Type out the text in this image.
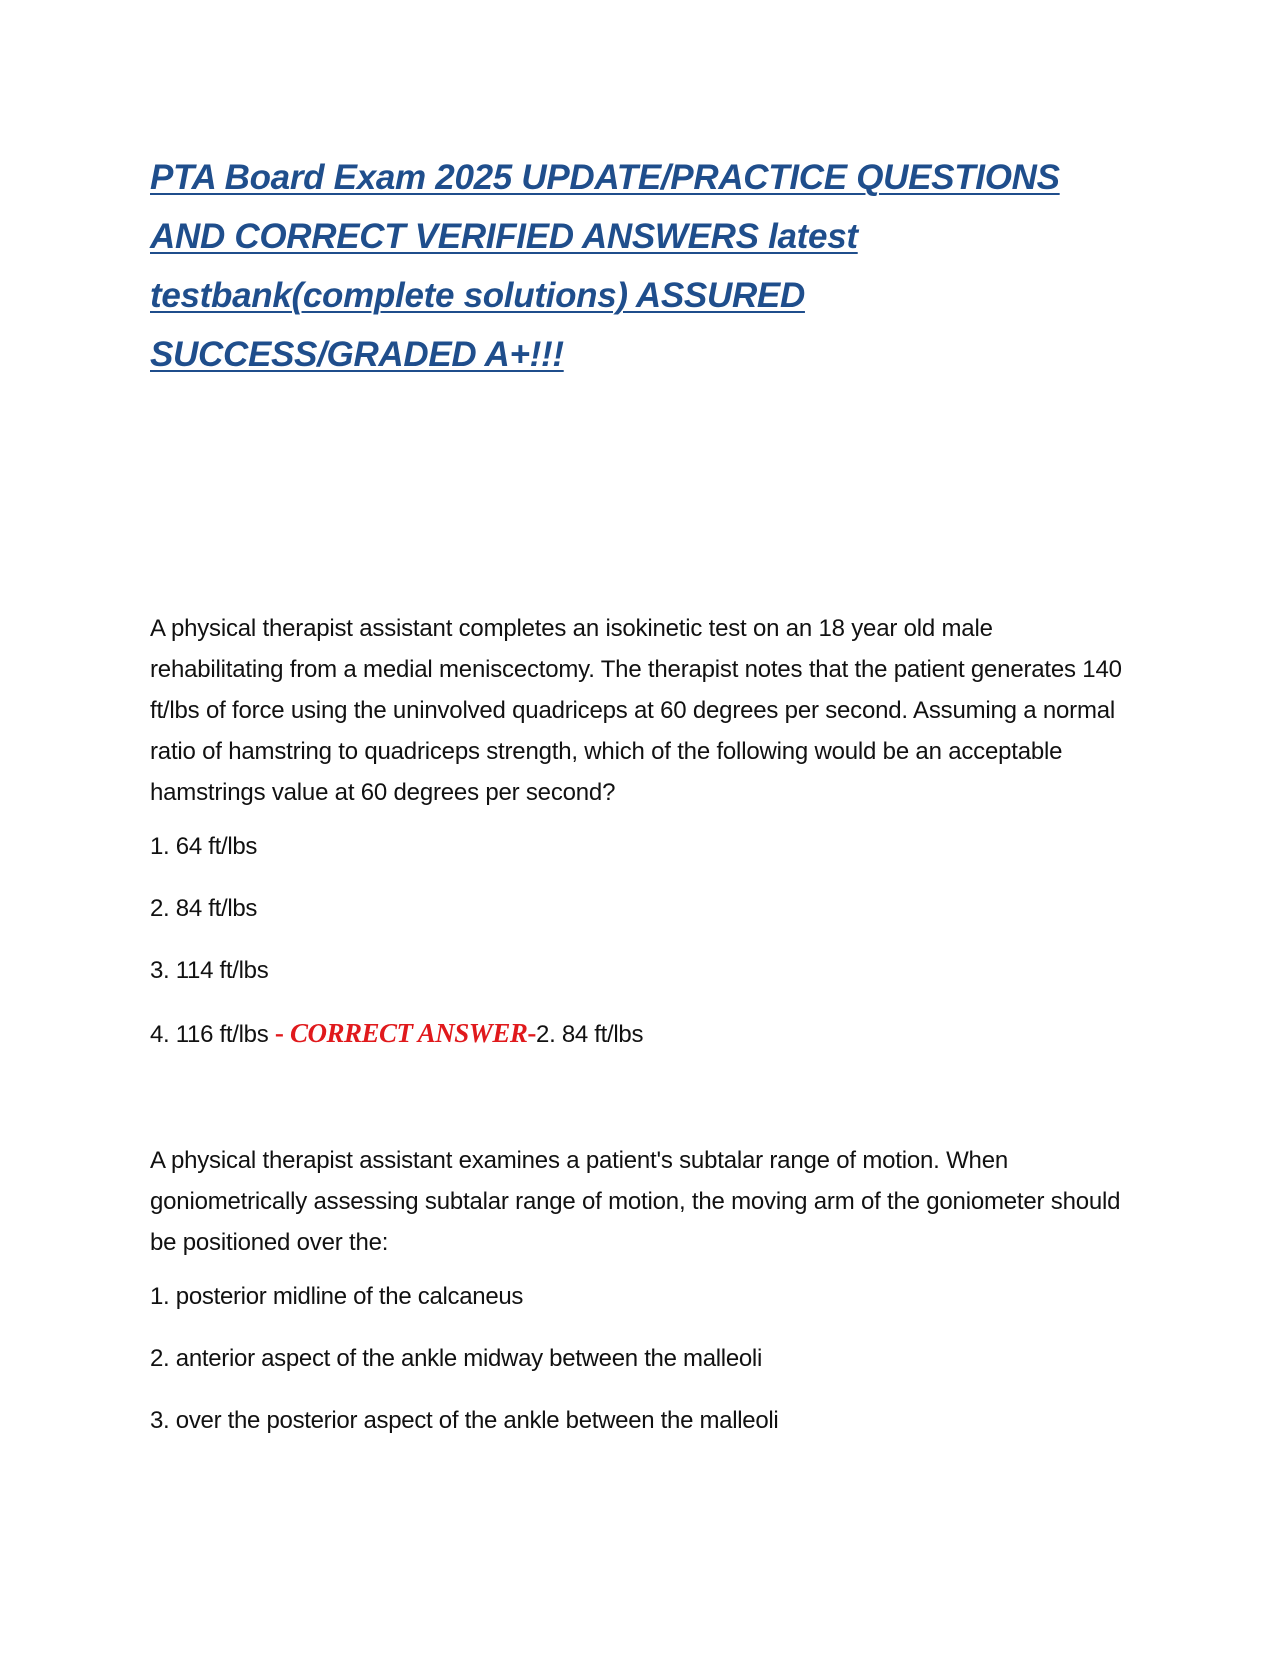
PTA Board Exam 2025 UPDATE/PRACTICE QUESTIONS AND CORRECT VERIFIED ANSWERS latest testbank(complete solutions) ASSURED SUCCESS/GRADED A+!!!

A physical therapist assistant completes an isokinetic test on an 18 year old male rehabilitating from a medial meniscectomy. The therapist notes that the patient generates 140 ft/lbs of force using the uninvolved quadriceps at 60 degrees per second. Assuming a normal ratio of hamstring to quadriceps strength, which of the following would be an acceptable hamstrings value at 60 degrees per second?

1. 64 ft/lbs
2. 84 ft/lbs
3. 114 ft/lbs
4. 116 ft/lbs - CORRECT ANSWER-2. 84 ft/lbs

A physical therapist assistant examines a patient's subtalar range of motion. When goniometrically assessing subtalar range of motion, the moving arm of the goniometer should be positioned over the:

1. posterior midline of the calcaneus
2. anterior aspect of the ankle midway between the malleoli
3. over the posterior aspect of the ankle between the malleoli
